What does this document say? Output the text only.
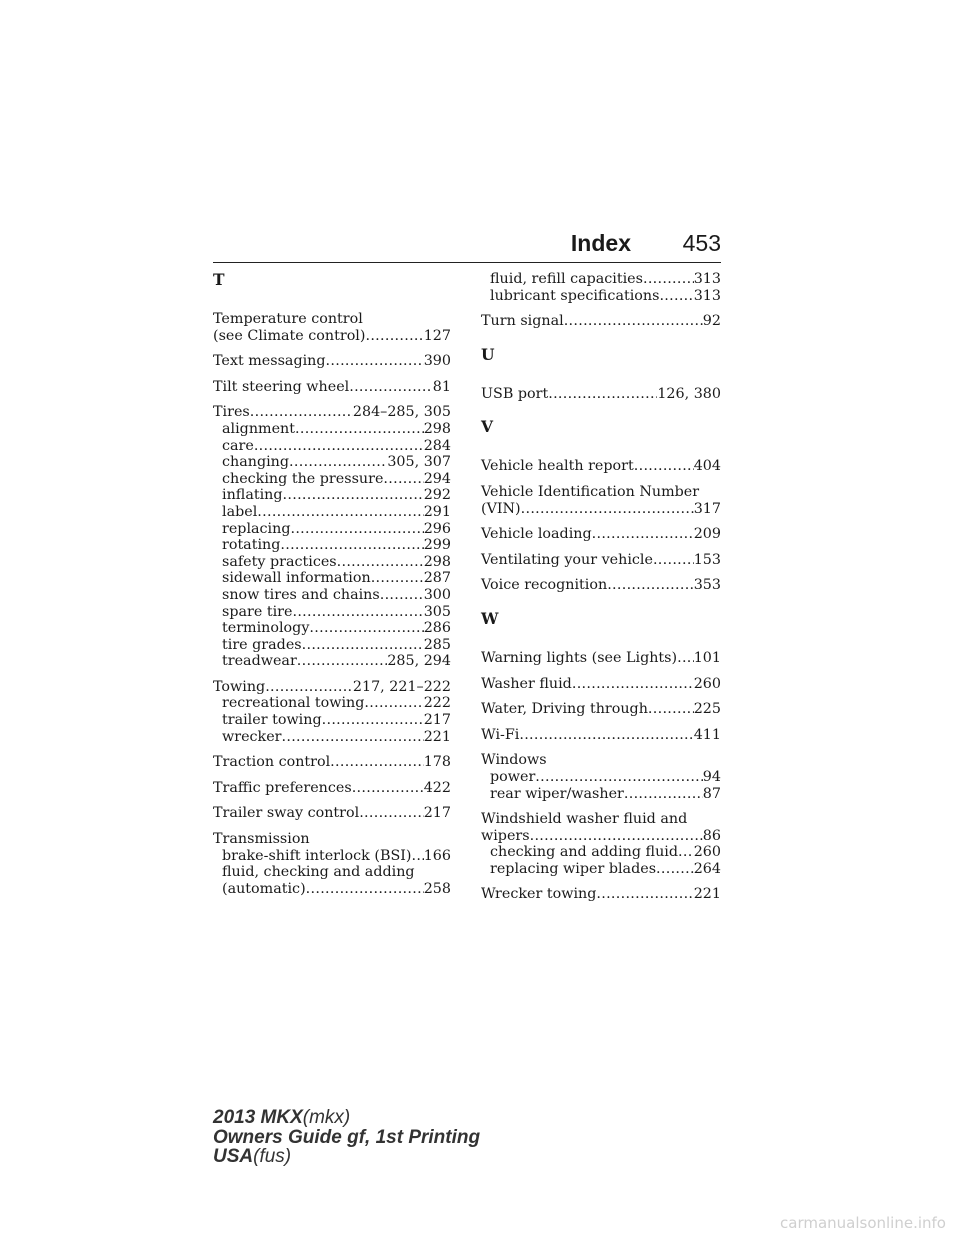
Index 453
T
Temperature control
(see Climate control) .....	127
Text messaging .....	390
Tilt steering wheel .....	81
Tires .....	284–285, 305
alignment .....	298
care .....	284
changing .....	305, 307
checking the pressure .....	294
inflating .....	292
label .....	291
replacing .....	296
rotating .....	299
safety practices .....	298
sidewall information .....	287
snow tires and chains .....	300
spare tire .....	305
terminology .....	286
tire grades .....	285
treadwear .....	285, 294
Towing .....	217, 221–222
recreational towing .....	222
trailer towing .....	217
wrecker .....	221
Traction control .....	178
Traffic preferences .....	422
Trailer sway control .....	217
Transmission
brake-shift interlock (BSI) ..... 166
fluid, checking and adding
(automatic) .....	258
fluid, refill capacities .....	313
lubricant specifications ..... 313
Turn signal .....	92
U
USB port .....	126, 380
V
Vehicle health report .....	404
Vehicle Identification Number
(VIN) .....	317
Vehicle loading .....	209
Ventilating your vehicle .....	153
Voice recognition .....	353
W
Warning lights (see Lights) ..... 101
Washer fluid .....	260
Water, Driving through .....	225
Wi-Fi .....	411
Windows
power .....	94
rear wiper/washer .....	87
Windshield washer fluid and
wipers .....	86
checking and adding fluid ..... 260
replacing wiper blades .....	264
Wrecker towing .....	221
2013 MKX(mkx)
Owners Guide gf, 1st Printing
USA(fus)
carmanualsonline.info
